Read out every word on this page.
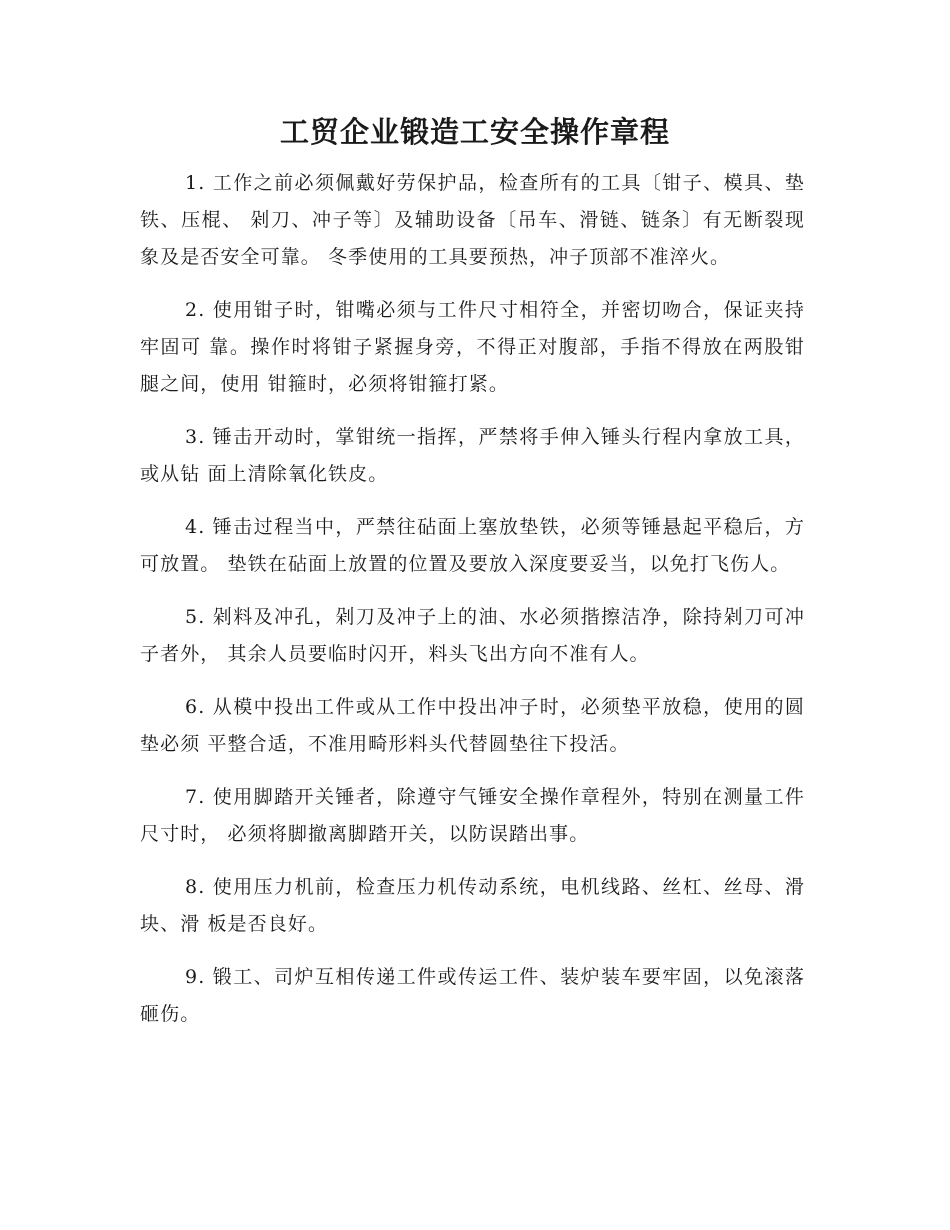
工贸企业锻造工安全操作章程

1. 工作之前必须佩戴好劳保护品，检查所有的工具〔钳子、模具、垫铁、压棍、 剁刀、冲子等〕及辅助设备〔吊车、滑链、链条〕有无断裂现象及是否安全可靠。 冬季使用的工具要预热，冲子顶部不准淬火。

2. 使用钳子时，钳嘴必须与工件尺寸相符全，并密切吻合，保证夹持牢固可 靠。操作时将钳子紧握身旁，不得正对腹部，手指不得放在两股钳腿之间，使用 钳箍时，必须将钳箍打紧。

3. 锤击开动时，掌钳统一指挥，严禁将手伸入锤头行程内拿放工具，或从钻 面上清除氧化铁皮。

4. 锤击过程当中，严禁往砧面上塞放垫铁，必须等锤悬起平稳后，方可放置。 垫铁在砧面上放置的位置及要放入深度要妥当，以免打飞伤人。

5. 剁料及冲孔，剁刀及冲子上的油、水必须揩擦洁净，除持剁刀可冲子者外， 其余人员要临时闪开，料头飞出方向不准有人。

6. 从模中投出工件或从工作中投出冲子时，必须垫平放稳，使用的圆垫必须 平整合适，不准用畸形料头代替圆垫往下投活。

7. 使用脚踏开关锤者，除遵守气锤安全操作章程外，特别在测量工件尺寸时， 必须将脚撤离脚踏开关，以防误踏出事。

8. 使用压力机前，检查压力机传动系统，电机线路、丝杠、丝母、滑块、滑 板是否良好。

9. 锻工、司炉互相传递工件或传运工件、装炉装车要牢固，以免滚落砸伤。
